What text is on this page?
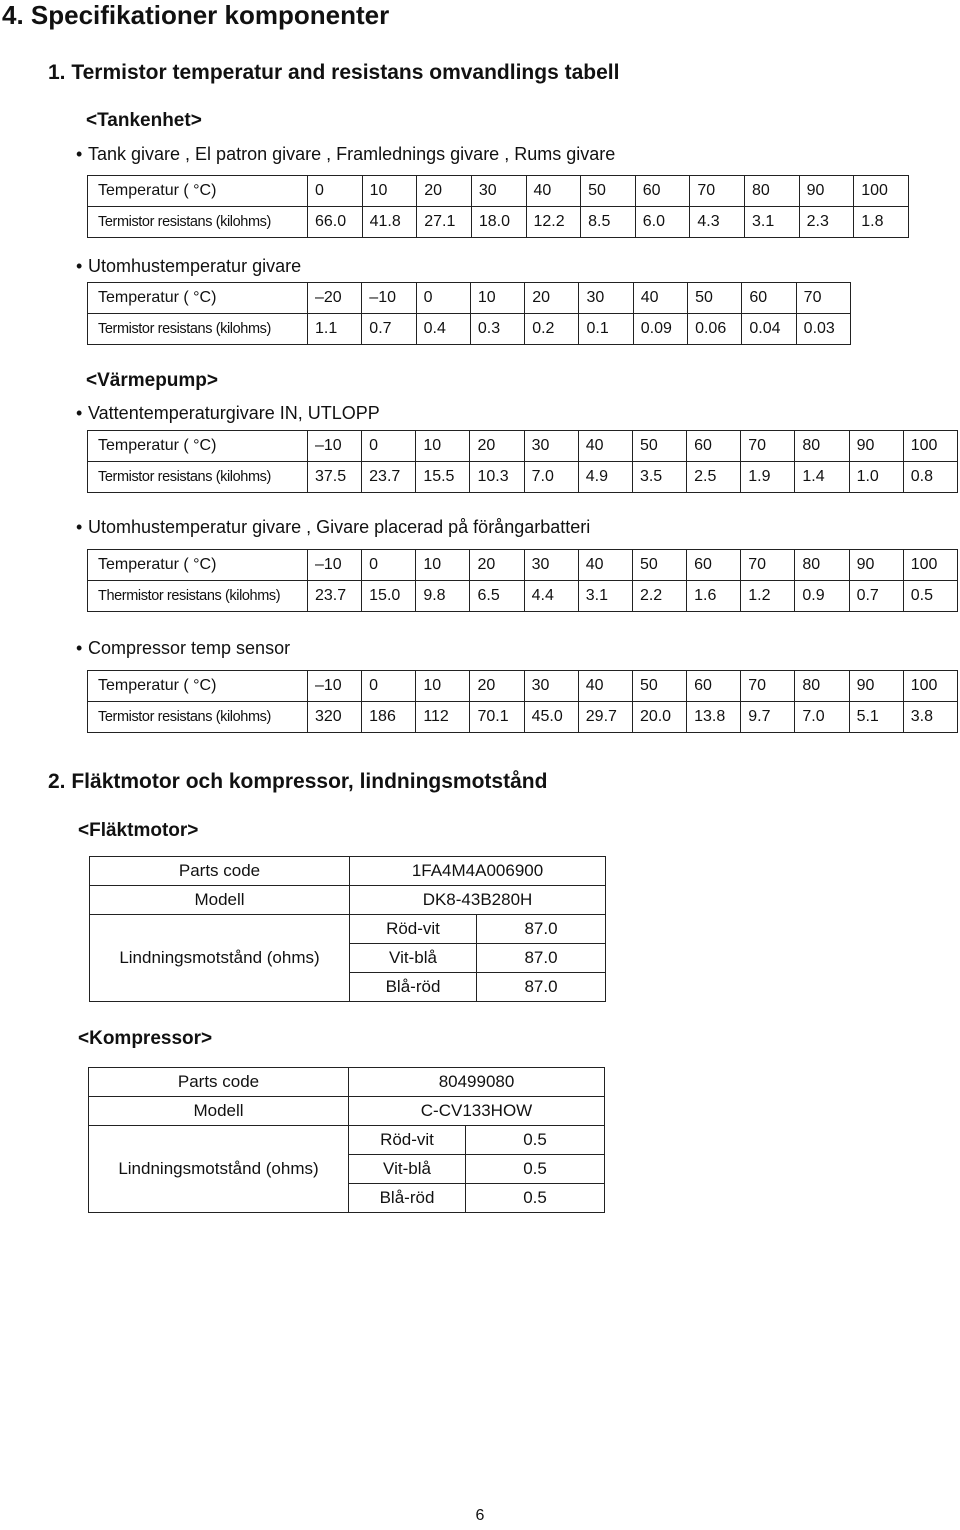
4. Specifikationer komponenter
1. Termistor temperatur and resistans omvandlings tabell
<Tankenhet>
• Tank givare , El patron givare , Framlednings givare , Rums givare
Temperatur ( °C)	0	10	20	30	40	50	60	70	80	90	100
Termistor resistans (kilohms)	66.0	41.8	27.1	18.0	12.2	8.5	6.0	4.3	3.1	2.3	1.8
• Utomhustemperatur givare
Temperatur ( °C)	–20	–10	0	10	20	30	40	50	60	70
Termistor resistans (kilohms)	1.1	0.7	0.4	0.3	0.2	0.1	0.09	0.06	0.04	0.03
<Värmepump>
• Vattentemperaturgivare IN, UTLOPP
Temperatur ( °C)	–10	0	10	20	30	40	50	60	70	80	90	100
Termistor resistans (kilohms)	37.5	23.7	15.5	10.3	7.0	4.9	3.5	2.5	1.9	1.4	1.0	0.8
• Utomhustemperatur givare , Givare placerad på förångarbatteri
Temperatur ( °C)	–10	0	10	20	30	40	50	60	70	80	90	100
Thermistor resistans (kilohms)	23.7	15.0	9.8	6.5	4.4	3.1	2.2	1.6	1.2	0.9	0.7	0.5
• Compressor temp sensor
Temperatur ( °C)	–10	0	10	20	30	40	50	60	70	80	90	100
Termistor resistans (kilohms)	320	186	112	70.1	45.0	29.7	20.0	13.8	9.7	7.0	5.1	3.8
2. Fläktmotor och kompressor, lindningsmotstånd
<Fläktmotor>
Parts code	1FA4M4A006900	
Modell	DK8-43B280H	
Lindningsmotstånd (ohms)	Röd-vit	87.0
	Vit-blå	87.0
	Blå-röd	87.0
<Kompressor>
Parts code	80499080	
Modell	C-CV133HOW	
Lindningsmotstånd (ohms)	Röd-vit	0.5
	Vit-blå	0.5
	Blå-röd	0.5
6
